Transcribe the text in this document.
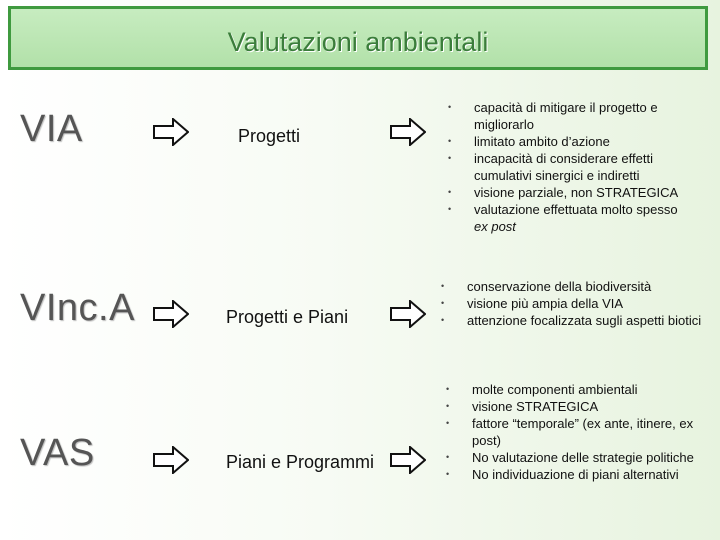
Valutazioni ambientali
VIA	Progetti
• capacità di mitigare il progetto e migliorarlo
• limitato ambito d’azione
• incapacità di considerare effetti cumulativi sinergici e indiretti
• visione parziale, non STRATEGICA
• valutazione effettuata molto spesso
ex post
VInc.A	Progetti e Piani
• conservazione della biodiversità
• visione più ampia della VIA
• attenzione focalizzata sugli aspetti biotici
VAS	Piani e Programmi
• molte componenti ambientali
• visione STRATEGICA
• fattore “temporale” (ex ante, itinere, ex post)
• No valutazione delle strategie politiche
• No individuazione di piani alternativi
